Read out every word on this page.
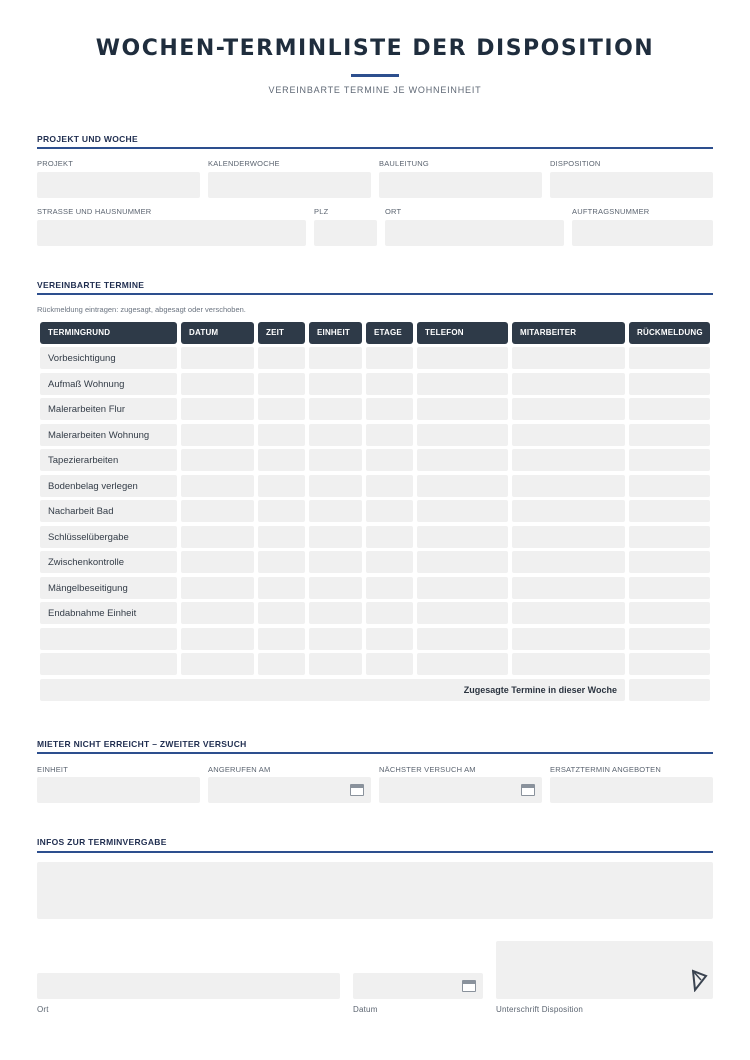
WOCHEN-TERMINLISTE DER DISPOSITION
VEREINBARTE TERMINE JE WOHNEINHEIT
PROJEKT UND WOCHE
PROJEKT	KALENDERWOCHE	BAULEITUNG	DISPOSITION
STRASSE UND HAUSNUMMER	PLZ	ORT	AUFTRAGSNUMMER
VEREINBARTE TERMINE
Rückmeldung eintragen: zugesagt, abgesagt oder verschoben.
TERMINGRUND	DATUM	ZEIT	EINHEIT	ETAGE	TELEFON	MITARBEITER	RÜCKMELDUNG
Vorbesichtigung
Aufmaß Wohnung
Malerarbeiten Flur
Malerarbeiten Wohnung
Tapezierarbeiten
Bodenbelag verlegen
Nacharbeit Bad
Schlüsselübergabe
Zwischenkontrolle
Mängelbeseitigung
Endabnahme Einheit
Zugesagte Termine in dieser Woche
MIETER NICHT ERREICHT – ZWEITER VERSUCH
EINHEIT	ANGERUFEN AM	NÄCHSTER VERSUCH AM	ERSATZTERMIN ANGEBOTEN
INFOS ZUR TERMINVERGABE
Ort	Datum	Unterschrift Disposition
